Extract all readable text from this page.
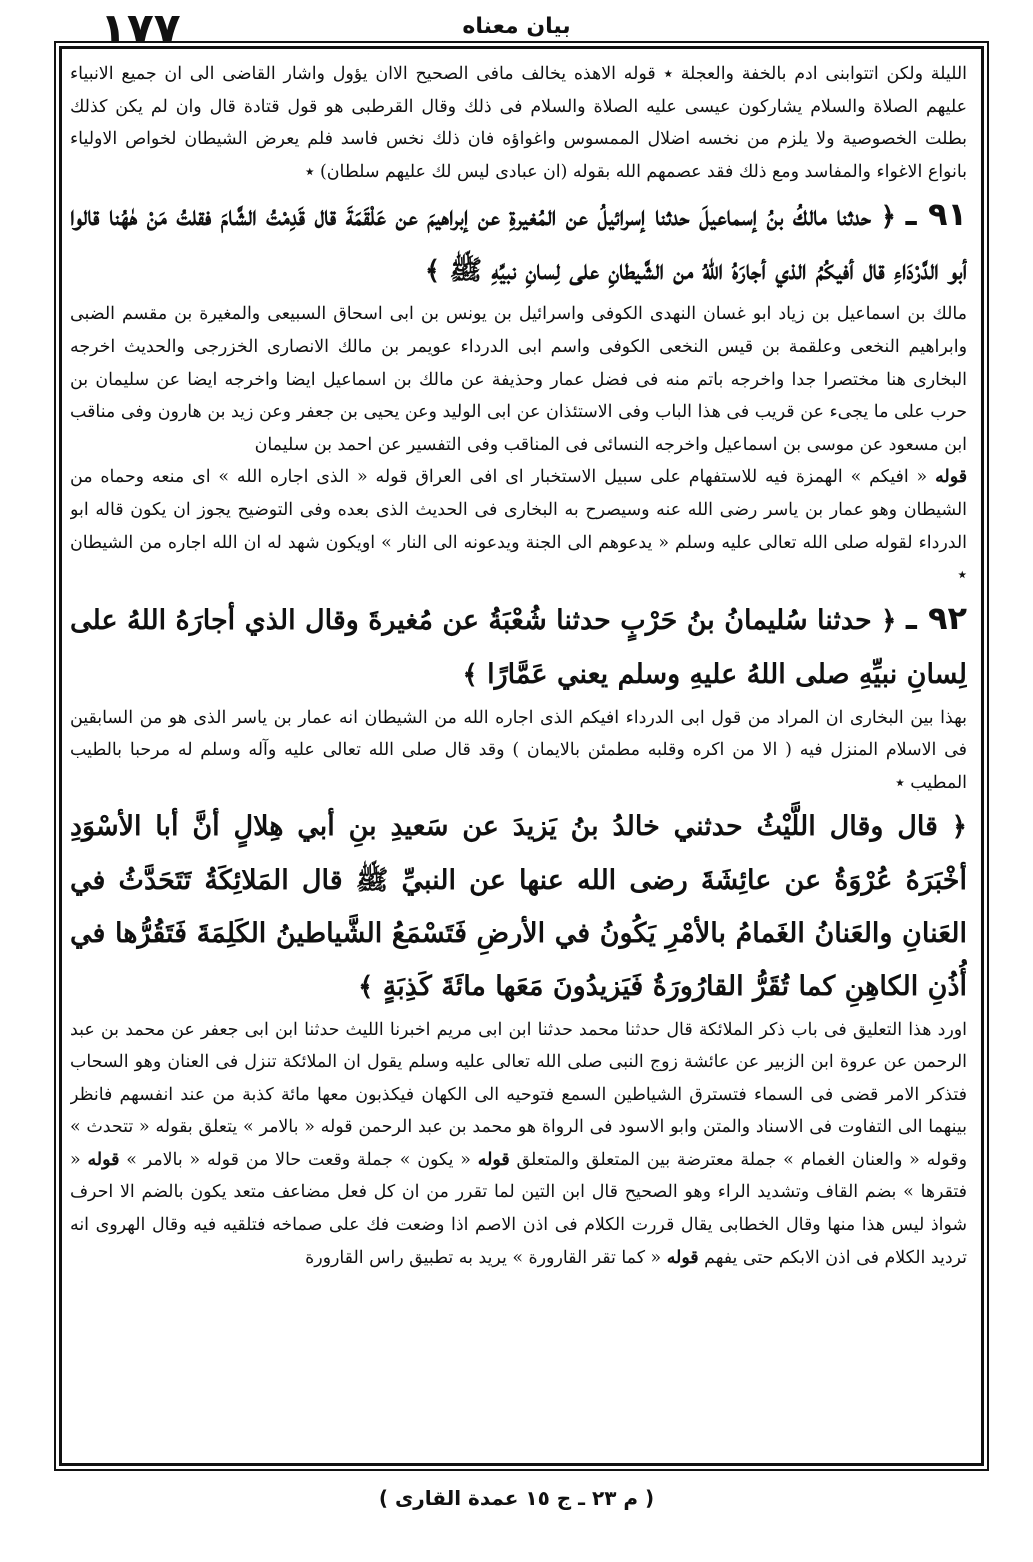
١٧٧	بیان معناه

الليلة ولكن اتتوابنى ادم بالخفة والعجلة ٭ قوله الاهذه يخالف مافى الصحيح الاان يؤول واشار القاضى الى ان جميع الانبياء عليهم الصلاة والسلام يشاركون عيسى عليه الصلاة والسلام فى ذلك وقال القرطبى هو قول قتادة قال وان لم يكن كذلك بطلت الخصوصية ولا يلزم من نخسه اضلال الممسوس واغواؤه فان ذلك نخس فاسد فلم يعرض الشيطان لخواص الاولياء بانواع الاغواء والمفاسد ومع ذلك فقد عصمهم الله بقوله (ان عبادى ليس لك عليهم سلطان) ٭

٩١ ـ ﴿ حدثنا مالكُ بنُ إسماعيلَ حدثنا إسرائيلُ عن المُغيرةِ عن إبراهيمَ عن عَلْقَمَةَ قال قَدِمْتُ الشَّامَ فقلتُ مَنْ هٰهُنا قالوا أبو الدَّرْدَاءِ قال أفيكُمُ الذي أجارَهُ اللهُ من الشَّيطانِ على لِسانِ نبيِّهِ ﷺ ﴾

مالك بن اسماعيل بن زياد ابو غسان النهدى الكوفى واسرائيل بن يونس بن ابى اسحاق السبيعى والمغيرة بن مقسم الضبى وابراهيم النخعى وعلقمة بن قيس النخعى الكوفى واسم ابى الدرداء عويمر بن مالك الانصارى الخزرجى والحديث اخرجه البخارى هنا مختصرا جدا واخرجه باتم منه فى فضل عمار وحذيفة عن مالك بن اسماعيل ايضا واخرجه ايضا عن سليمان بن حرب على ما يجىء عن قريب فى هذا الباب وفى الاستئذان عن ابى الوليد وعن يحيى بن جعفر وعن زيد بن هارون وفى مناقب ابن مسعود عن موسى بن اسماعيل واخرجه النسائى فى المناقب وفى التفسير عن احمد بن سليمان

قوله « افيكم » الهمزة فيه للاستفهام على سبيل الاستخبار اى افى العراق قوله « الذى اجاره الله » اى منعه وحماه من الشيطان وهو عمار بن ياسر رضى الله عنه وسيصرح به البخارى فى الحديث الذى بعده وفى التوضيح يجوز ان يكون قاله ابو الدرداء لقوله صلى الله تعالى عليه وسلم « يدعوهم الى الجنة ويدعونه الى النار » اويكون شهد له ان الله اجاره من الشيطان ٭

٩٢ ـ ﴿ حدثنا سُليمانُ بنُ حَرْبٍ حدثنا شُعْبَةُ عن مُغيرةَ وقال الذي أجارَهُ اللهُ على لِسانِ نبيِّهِ صلى اللهُ عليهِ وسلم يعني عَمَّارًا ﴾

بهذا بين البخارى ان المراد من قول ابى الدرداء افيكم الذى اجاره الله من الشيطان انه عمار بن ياسر الذى هو من السابقين فى الاسلام المنزل فيه ( الا من اكره وقلبه مطمئن بالايمان ) وقد قال صلى الله تعالى عليه وآله وسلم له مرحبا بالطيب المطيب ٭

﴿ قال وقال اللَّيْثُ حدثني خالدُ بنُ يَزيدَ عن سَعيدِ بنِ أبي هِلالٍ أنَّ أبا الأسْوَدِ أخْبَرَهُ عُرْوَةُ عن عائِشَةَ رضى الله عنها عن النبيِّ ﷺ قال المَلائِكَةُ تَتَحَدَّثُ في العَنانِ والعَنانُ الغَمامُ بالأمْرِ يَكُونُ في الأرضِ فَتَسْمَعُ الشَّياطينُ الكَلِمَةَ فَتَقُرُّها في أُذُنِ الكاهِنِ كما تُقَرُّ القارُورَةُ فَيَزيدُونَ مَعَها مائَةَ كَذِبَةٍ ﴾

اورد هذا التعليق فى باب ذكر الملائكة قال حدثنا محمد حدثنا ابن ابى مريم اخبرنا الليث حدثنا ابن ابى جعفر عن محمد بن عبد الرحمن عن عروة ابن الزبير عن عائشة زوج النبى صلى الله تعالى عليه وسلم يقول ان الملائكة تنزل فى العنان وهو السحاب فتذكر الامر قضى فى السماء فتسترق الشياطين السمع فتوحيه الى الكهان فيكذبون معها مائة كذبة من عند انفسهم فانظر بينهما الى التفاوت فى الاسناد والمتن وابو الاسود فى الرواة هو محمد بن عبد الرحمن قوله « بالامر » يتعلق بقوله « تتحدث » وقوله « والعنان الغمام » جملة معترضة بين المتعلق والمتعلق قوله « يكون » جملة وقعت حالا من قوله « بالامر » قوله « فتقرها » بضم القاف وتشديد الراء وهو الصحيح قال ابن التين لما تقرر من ان كل فعل مضاعف متعد يكون بالضم الا احرف شواذ ليس هذا منها وقال الخطابى يقال قررت الكلام فى اذن الاصم اذا وضعت فك على صماخه فتلقيه فيه وقال الهروى انه ترديد الكلام فى اذن الابكم حتى يفهم قوله « كما تقر القارورة » يريد به تطبيق راس القارورة

( م ٢٣ ـ ج ١٥ عمدة القارى )
